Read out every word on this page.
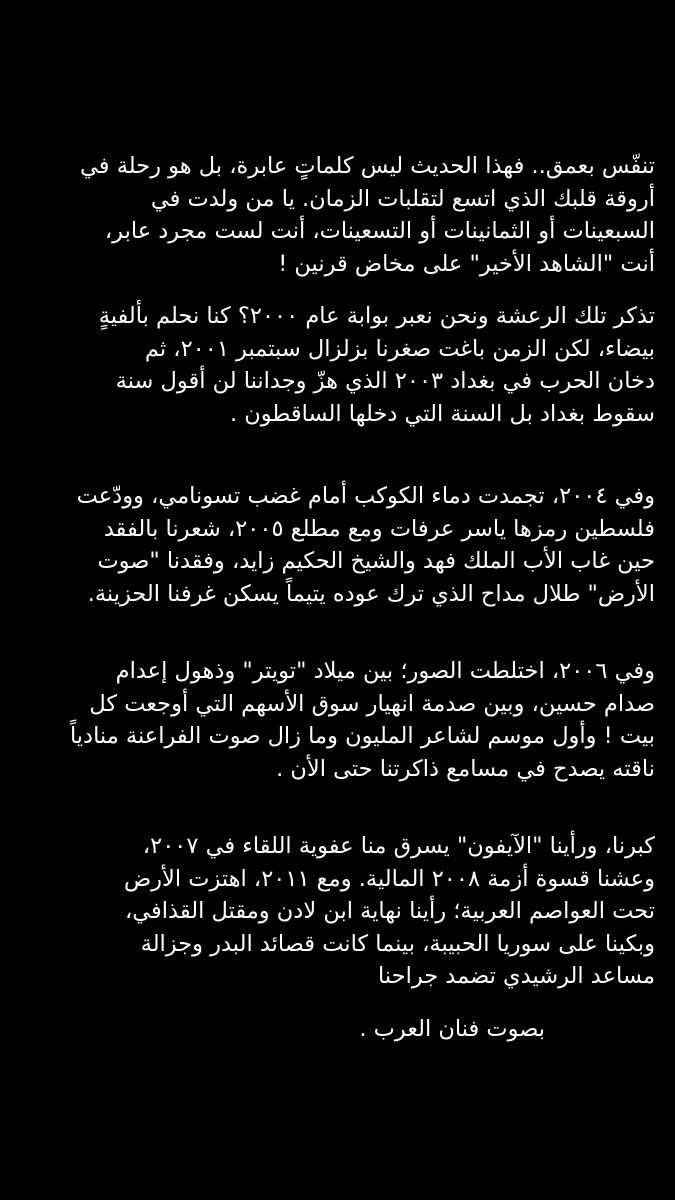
تنفّس بعمق.. فهذا الحديث ليس كلماتٍ عابرة، بل هو رحلة في
أروقة قلبك الذي اتسع لتقلبات الزمان. يا من ولدت في
السبعينات أو الثمانينات أو التسعينات، أنت لست مجرد عابر،
أنت "الشاهد الأخير" على مخاض قرنين !

تذكر تلك الرعشة ونحن نعبر بوابة عام ٢٠٠٠؟ كنا نحلم بألفيةٍ
بيضاء، لكن الزمن باغت صغرنا بزلزال سبتمبر ٢٠٠١، ثم
دخان الحرب في بغداد ٢٠٠٣ الذي هزّ وجداننا لن أقول سنة
سقوط بغداد بل السنة التي دخلها الساقطون .

وفي ٢٠٠٤، تجمدت دماء الكوكب أمام غضب تسونامي، وودّعت
فلسطين رمزها ياسر عرفات ومع مطلع ٢٠٠٥، شعرنا بالفقد
حين غاب الأب الملك فهد والشيخ الحكيم زايد، وفقدنا "صوت
الأرض" طلال مداح الذي ترك عوده يتيماً يسكن غرفنا الحزينة.

وفي ٢٠٠٦، اختلطت الصور؛ بين ميلاد "تويتر" وذهول إعدام
صدام حسين، وبين صدمة انهيار سوق الأسهم التي أوجعت كل
بيت ! وأول موسم لشاعر المليون وما زال صوت الفراعنة منادياً
ناقته يصدح في مسامع ذاكرتنا حتى الأن .

كبرنا، ورأينا "الآيفون" يسرق منا عفوية اللقاء في ٢٠٠٧،
وعشنا قسوة أزمة ٢٠٠٨ المالية. ومع ٢٠١١، اهتزت الأرض
تحت العواصم العربية؛ رأينا نهاية ابن لادن ومقتل القذافي،
وبكينا على سوريا الحبيبة، بينما كانت قصائد البدر وجزالة
مساعد الرشيدي تضمد جراحنا

بصوت فنان العرب .
